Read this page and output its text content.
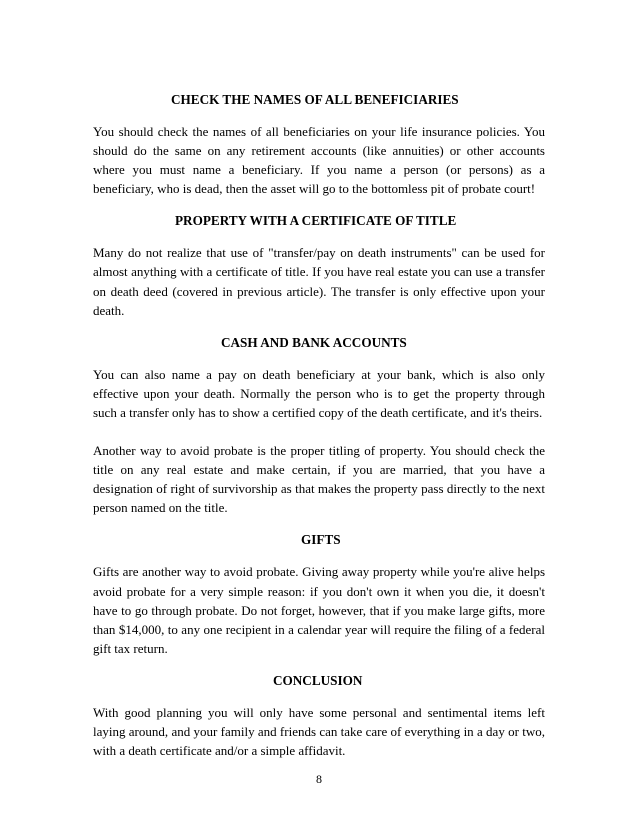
CHECK THE NAMES OF ALL BENEFICIARIES

You should check the names of all beneficiaries on your life insurance policies. You should do the same on any retirement accounts (like annuities) or other accounts where you must name a beneficiary. If you name a person (or persons) as a beneficiary, who is dead, then the asset will go to the bottomless pit of probate court!

PROPERTY WITH A CERTIFICATE OF TITLE

Many do not realize that use of "transfer/pay on death instruments" can be used for almost anything with a certificate of title. If you have real estate you can use a transfer on death deed (covered in previous article). The transfer is only effective upon your death.

CASH AND BANK ACCOUNTS

You can also name a pay on death beneficiary at your bank, which is also only effective upon your death. Normally the person who is to get the property through such a transfer only has to show a certified copy of the death certificate, and it's theirs.

Another way to avoid probate is the proper titling of property. You should check the title on any real estate and make certain, if you are married, that you have a designation of right of survivorship as that makes the property pass directly to the next person named on the title.

GIFTS

Gifts are another way to avoid probate. Giving away property while you're alive helps avoid probate for a very simple reason: if you don't own it when you die, it doesn't have to go through probate. Do not forget, however, that if you make large gifts, more than $14,000, to any one recipient in a calendar year will require the filing of a federal gift tax return.

CONCLUSION

With good planning you will only have some personal and sentimental items left laying around, and your family and friends can take care of everything in a day or two, with a death certificate and/or a simple affidavit.

8
